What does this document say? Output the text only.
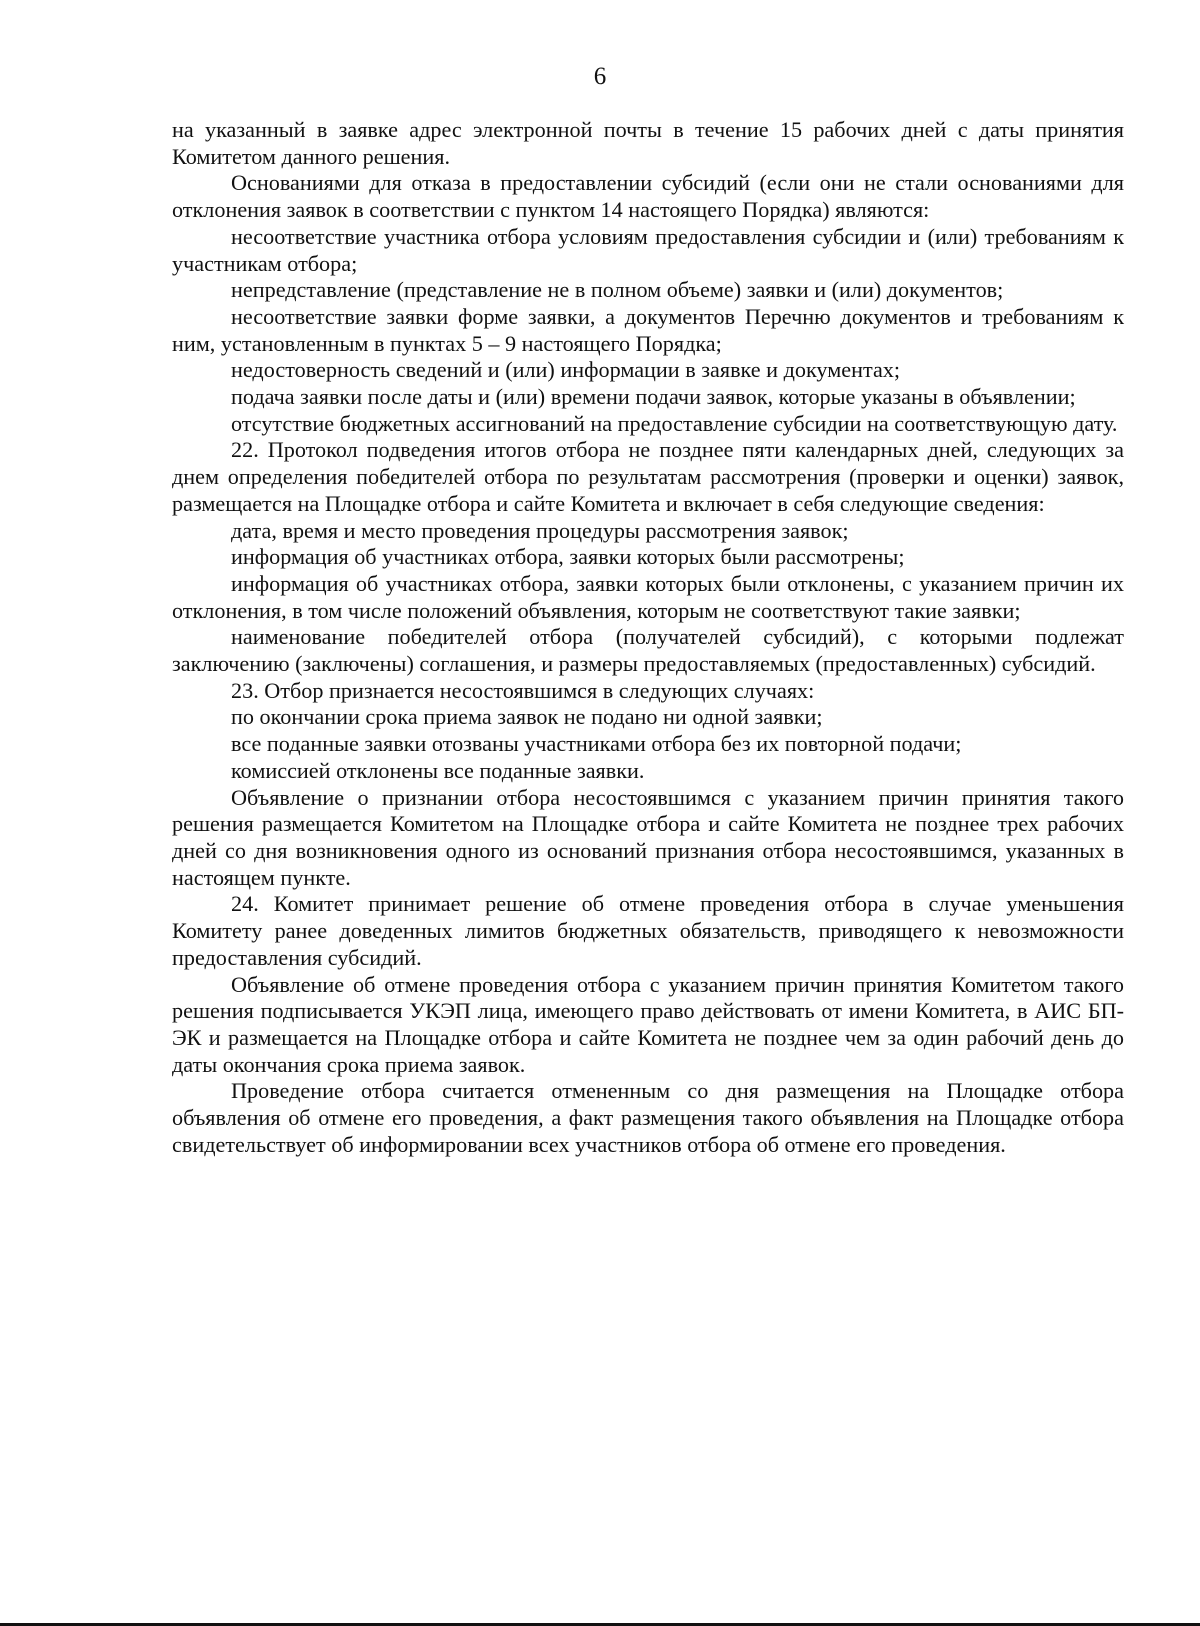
6

на указанный в заявке адрес электронной почты в течение 15 рабочих дней с даты принятия Комитетом данного решения.

Основаниями для отказа в предоставлении субсидий (если они не стали основаниями для отклонения заявок в соответствии с пунктом 14 настоящего Порядка) являются:

несоответствие участника отбора условиям предоставления субсидии и (или) требованиям к участникам отбора;

непредставление (представление не в полном объеме) заявки и (или) документов;

несоответствие заявки форме заявки, а документов Перечню документов и требованиям к ним, установленным в пунктах 5 – 9 настоящего Порядка;

недостоверность сведений и (или) информации в заявке и документах;

подача заявки после даты и (или) времени подачи заявок, которые указаны в объявлении;

отсутствие бюджетных ассигнований на предоставление субсидии на соответствующую дату.

22. Протокол подведения итогов отбора не позднее пяти календарных дней, следующих за днем определения победителей отбора по результатам рассмотрения (проверки и оценки) заявок, размещается на Площадке отбора и сайте Комитета и включает в себя следующие сведения:

дата, время и место проведения процедуры рассмотрения заявок;

информация об участниках отбора, заявки которых были рассмотрены;

информация об участниках отбора, заявки которых были отклонены, с указанием причин их отклонения, в том числе положений объявления, которым не соответствуют такие заявки;

наименование победителей отбора (получателей субсидий), с которыми подлежат заключению (заключены) соглашения, и размеры предоставляемых (предоставленных) субсидий.

23. Отбор признается несостоявшимся в следующих случаях:

по окончании срока приема заявок не подано ни одной заявки;

все поданные заявки отозваны участниками отбора без их повторной подачи;

комиссией отклонены все поданные заявки.

Объявление о признании отбора несостоявшимся с указанием причин принятия такого решения размещается Комитетом на Площадке отбора и сайте Комитета не позднее трех рабочих дней со дня возникновения одного из оснований признания отбора несостоявшимся, указанных в настоящем пункте.

24. Комитет принимает решение об отмене проведения отбора в случае уменьшения Комитету ранее доведенных лимитов бюджетных обязательств, приводящего к невозможности предоставления субсидий.

Объявление об отмене проведения отбора с указанием причин принятия Комитетом такого решения подписывается УКЭП лица, имеющего право действовать от имени Комитета, в АИС БП-ЭК и размещается на Площадке отбора и сайте Комитета не позднее чем за один рабочий день до даты окончания срока приема заявок.

Проведение отбора считается отмененным со дня размещения на Площадке отбора объявления об отмене его проведения, а факт размещения такого объявления на Площадке отбора свидетельствует об информировании всех участников отбора об отмене его проведения.
